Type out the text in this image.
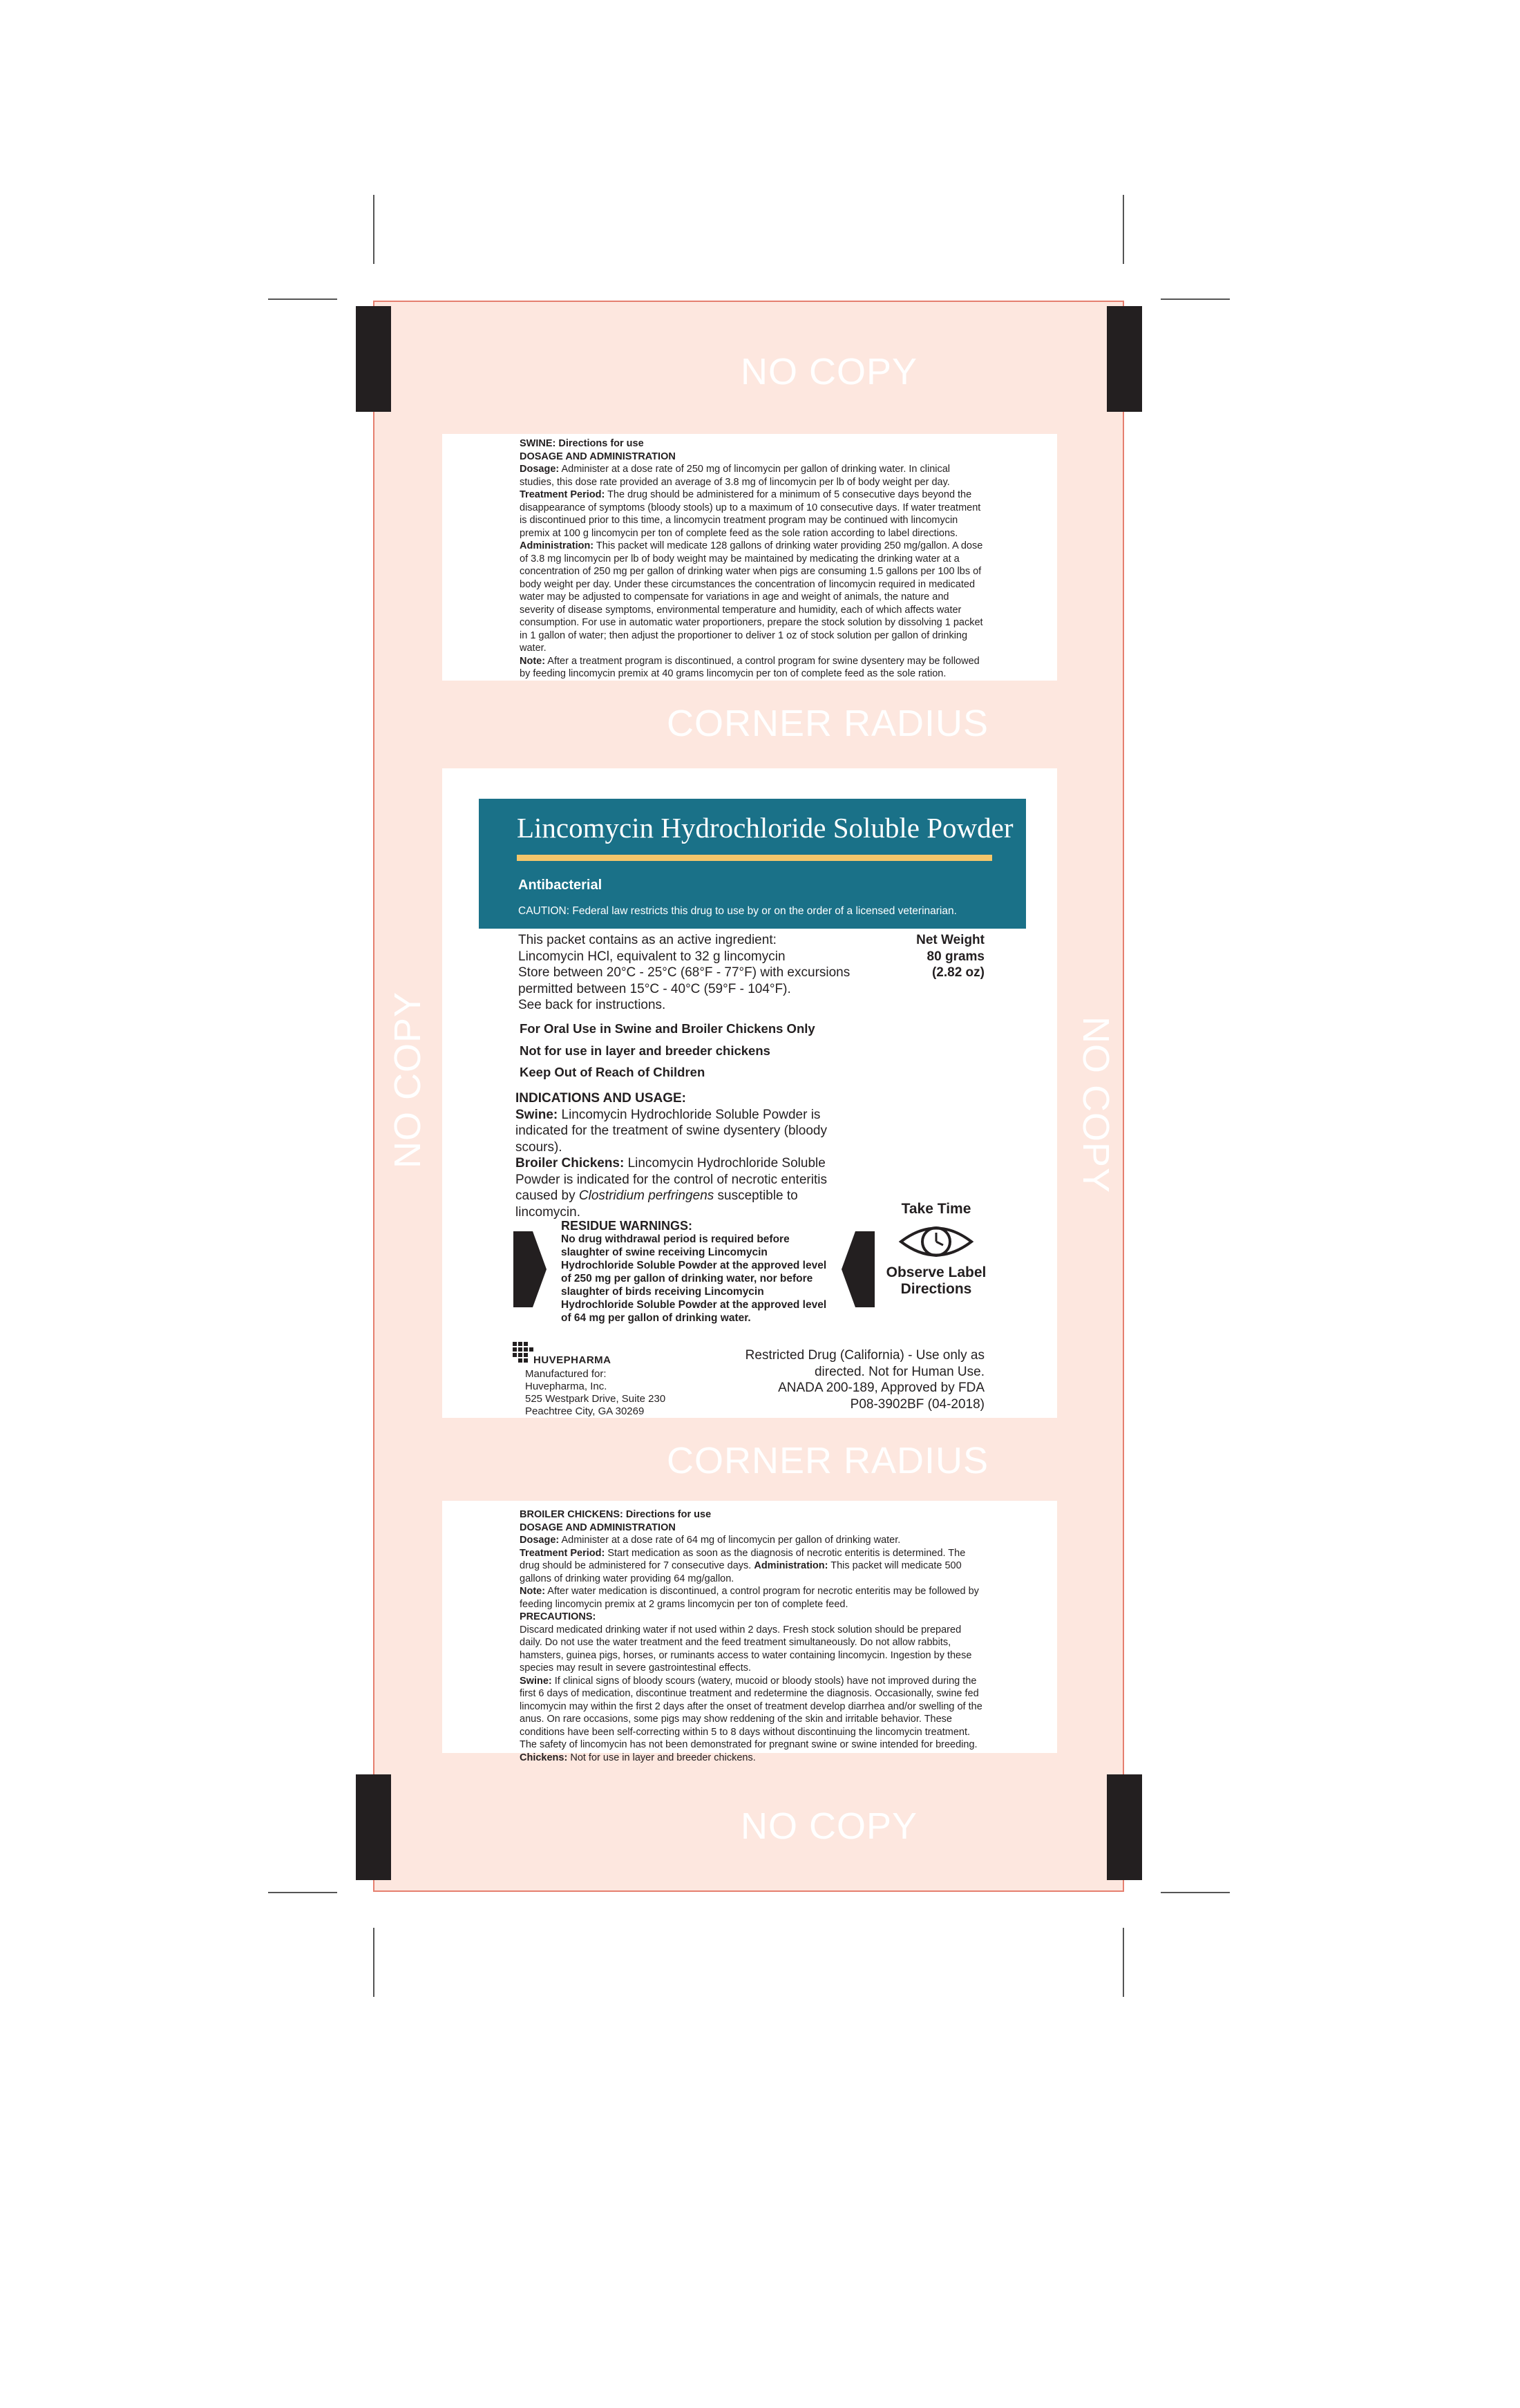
NO COPY
CORNER RADIUS
CORNER RADIUS
NO COPY
NO COPY	NO COPY

SWINE: Directions for use

DOSAGE AND ADMINISTRATION

Dosage: Administer at a dose rate of 250 mg of lincomycin per gallon of drinking water. In clinical studies, this dose rate provided an average of 3.8 mg of lincomycin per lb of body weight per day.

Treatment Period: The drug should be administered for a minimum of 5 consecutive days beyond the disappearance of symptoms (bloody stools) up to a maximum of 10 consecutive days. If water treatment is discontinued prior to this time, a lincomycin treatment program may be continued with lincomycin premix at 100 g lincomycin per ton of complete feed as the sole ration according to label directions.

Administration: This packet will medicate 128 gallons of drinking water providing 250 mg/gallon. A dose of 3.8 mg lincomycin per lb of body weight may be maintained by medicating the drinking water at a concentration of 250 mg per gallon of drinking water when pigs are consuming 1.5 gallons per 100 lbs of body weight per day. Under these circumstances the concentration of lincomycin required in medicated water may be adjusted to compensate for variations in age and weight of animals, the nature and severity of disease symptoms, environmental temperature and humidity, each of which affects water consumption. For use in automatic water proportioners, prepare the stock solution by dissolving 1 packet in 1 gallon of water; then adjust the proportioner to deliver 1 oz of stock solution per gallon of drinking water.

Note: After a treatment program is discontinued, a control program for swine dysentery may be followed by feeding lincomycin premix at 40 grams lincomycin per ton of complete feed as the sole ration.

Lincomycin Hydrochloride Soluble Powder
Antibacterial
CAUTION: Federal law restricts this drug to use by or on the order of a licensed veterinarian.
This packet contains as an active ingredient:
Lincomycin HCl, equivalent to 32 g lincomycin
Store between 20°C - 25°C (68°F - 77°F) with excursions
permitted between 15°C - 40°C (59°F - 104°F).
See back for instructions.
Net Weight
80 grams
(2.82 oz)
For Oral Use in Swine and Broiler Chickens Only
Not for use in layer and breeder chickens
Keep Out of Reach of Children
INDICATIONS AND USAGE:
Swine: Lincomycin Hydrochloride Soluble Powder is indicated for the treatment of swine dysentery (bloody scours).
Broiler Chickens: Lincomycin Hydrochloride Soluble Powder is indicated for the control of necrotic enteritis caused by Clostridium perfringens susceptible to lincomycin.
RESIDUE WARNINGS:
No drug withdrawal period is required before slaughter of swine receiving Lincomycin Hydrochloride Soluble Powder at the approved level of 250 mg per gallon of drinking water, nor before slaughter of birds receiving Lincomycin Hydrochloride Soluble Powder at the approved level of 64 mg per gallon of drinking water.
Take Time
Observe Label
Directions
HUVEPHARMA
Manufactured for:
Huvepharma, Inc.
525 Westpark Drive, Suite 230
Peachtree City, GA 30269
Restricted Drug (California) - Use only as
directed. Not for Human Use.
ANADA 200-189, Approved by FDA
P08-3902BF (04-2018)

BROILER CHICKENS: Directions for use

DOSAGE AND ADMINISTRATION

Dosage: Administer at a dose rate of 64 mg of lincomycin per gallon of drinking water.

Treatment Period: Start medication as soon as the diagnosis of necrotic enteritis is determined. The drug should be administered for 7 consecutive days. Administration: This packet will medicate 500 gallons of drinking water providing 64 mg/gallon.

Note: After water medication is discontinued, a control program for necrotic enteritis may be followed by feeding lincomycin premix at 2 grams lincomycin per ton of complete feed.

PRECAUTIONS:

Discard medicated drinking water if not used within 2 days. Fresh stock solution should be prepared daily. Do not use the water treatment and the feed treatment simultaneously. Do not allow rabbits, hamsters, guinea pigs, horses, or ruminants access to water containing lincomycin. Ingestion by these species may result in severe gastrointestinal effects.

Swine: If clinical signs of bloody scours (watery, mucoid or bloody stools) have not improved during the first 6 days of medication, discontinue treatment and redetermine the diagnosis. Occasionally, swine fed lincomycin may within the first 2 days after the onset of treatment develop diarrhea and/or swelling of the anus. On rare occasions, some pigs may show reddening of the skin and irritable behavior. These conditions have been self-correcting within 5 to 8 days without discontinuing the lincomycin treatment. The safety of lincomycin has not been demonstrated for pregnant swine or swine intended for breeding.

Chickens: Not for use in layer and breeder chickens.
